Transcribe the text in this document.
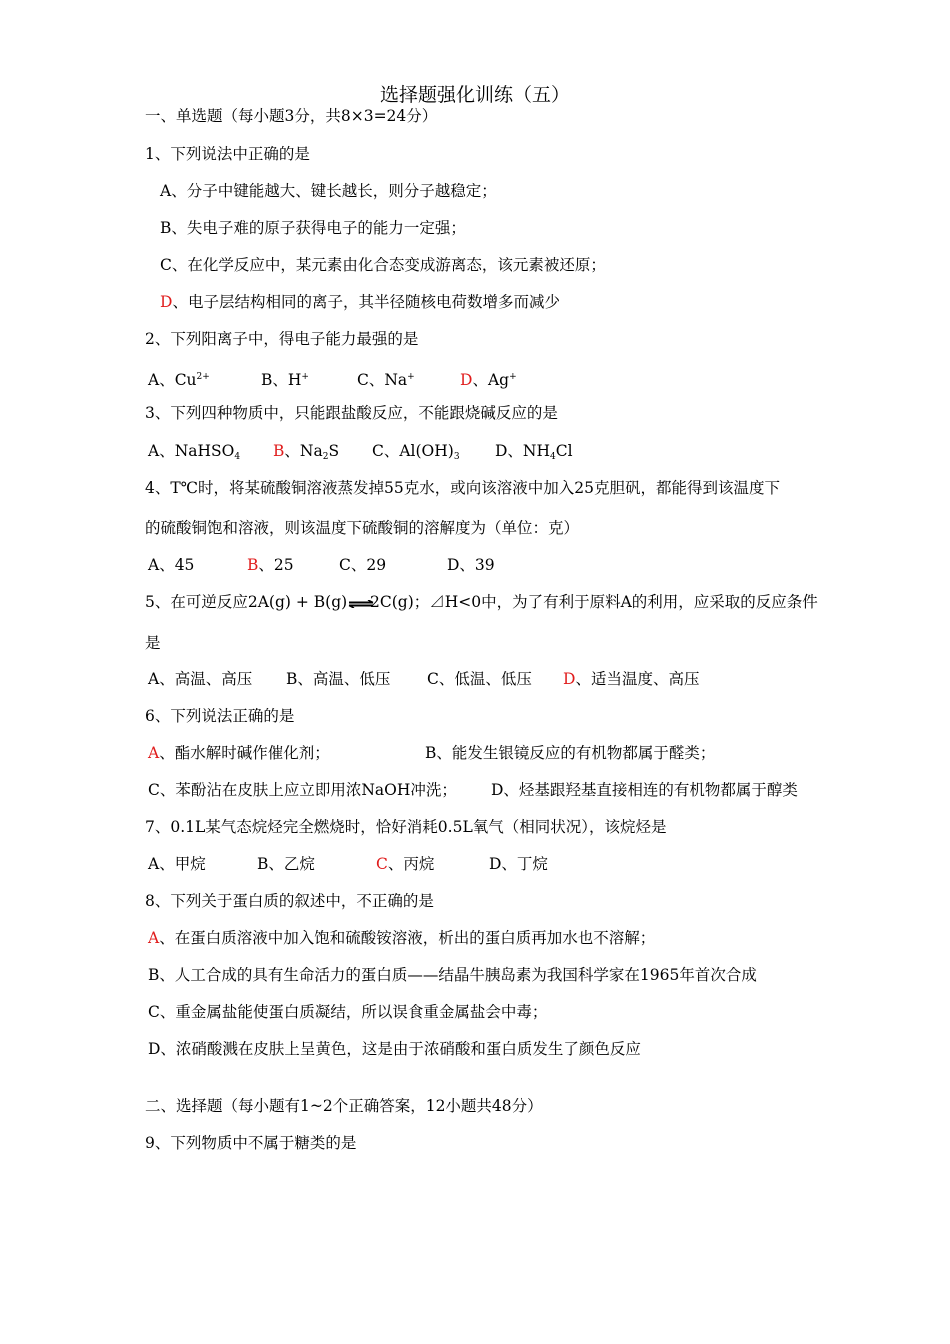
选择题强化训练（五）
一、单选题（每小题3分，共8×3=24分）
1、下列说法中正确的是
A、分子中键能越大、键长越长，则分子越稳定；
B、失电子难的原子获得电子的能力一定强；
C、在化学反应中，某元素由化合态变成游离态，该元素被还原；
D、电子层结构相同的离子，其半径随核电荷数增多而减少
2、下列阳离子中，得电子能力最强的是
A、$Cu^{2+}$	B、H+	C、Na+	D、Ag+
3、下列四种物质中，只能跟盐酸反应，不能跟烧碱反应的是
A、NaHSO$_4$ B、$Na_2S$ C、$Al(OH)_3$ D、$NH_4Cl$
4、T℃时，将某硫酸铜溶液蒸发掉55克水，或向该溶液中加入25克胆矾，都能得到该温度下
的硫酸铜饱和溶液，则该温度下硫酸铜的溶解度为（单位：克）
A、45	B、25	C、29	D、39
5、在可逆反应2A(g) + B(g) ⇌
2C(g)；⊿H<0中，为了有利于原料A的利用，应采取的反应条件
是
A、高温、高压 B、高温、低压 C、低温、低压 D、适当温度、高压
6、下列说法正确的是
A、酯水解时碱作催化剂；	B、能发生银镜反应的有机物都属于醛类；
C、苯酚沾在皮肤上应立即用浓NaOH冲洗； D、烃基跟羟基直接相连的有机物都属于醇类
7、0.1L某气态烷烃完全燃烧时，恰好消耗0.5L氧气（相同状况），该烷烃是
A、甲烷	B、乙烷	C、丙烷	D、丁烷
8、下列关于蛋白质的叙述中，不正确的是
A、在蛋白质溶液中加入饱和硫酸铵溶液，析出的蛋白质再加水也不溶解；
B、人工合成的具有生命活力的蛋白质——结晶牛胰岛素为我国科学家在1965年首次合成
C、重金属盐能使蛋白质凝结，所以误食重金属盐会中毒；
D、浓硝酸溅在皮肤上呈黄色，这是由于浓硝酸和蛋白质发生了颜色反应
二、选择题（每小题有1~2个正确答案，12小题共48分）
9、下列物质中不属于糖类的是
